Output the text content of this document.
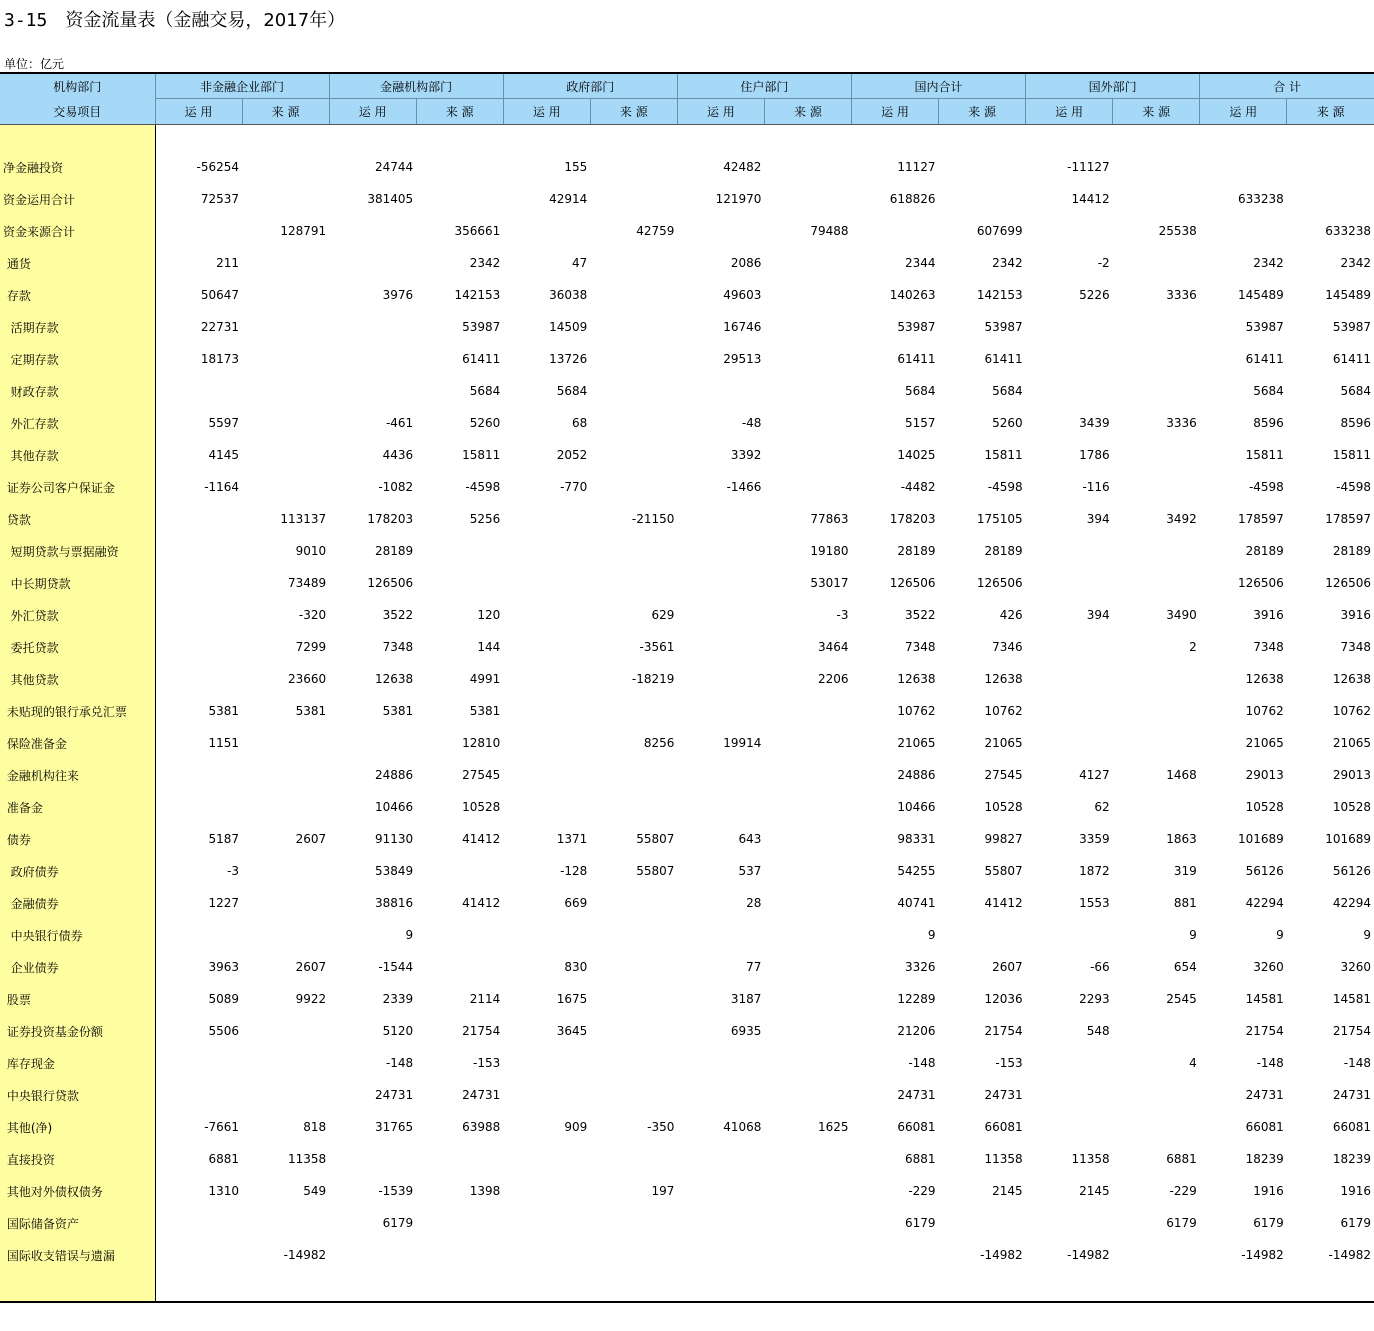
3-15 资金流量表（金融交易，2017年）
单位：亿元
机构部门	非金融企业部门		金融机构部门		政府部门		住户部门		国内合计		国外部门		合 计	
交易项目	运 用	来 源	运 用	来 源	运 用	来 源	运 用	来 源	运 用	来 源	运 用	来 源	运 用	来 源

净金融投资	-56254		24744		155		42482		11127		-11127			
资金运用合计	72537		381405		42914		121970		618826		14412		633238	
资金来源合计		128791		356661		42759		79488		607699		25538		633238
通货	211			2342	47		2086		2344	2342	-2		2342	2342
存款	50647		3976	142153	36038		49603		140263	142153	5226	3336	145489	145489
活期存款	22731			53987	14509		16746		53987	53987			53987	53987
定期存款	18173			61411	13726		29513		61411	61411			61411	61411
财政存款				5684	5684				5684	5684			5684	5684
外汇存款	5597		-461	5260	68		-48		5157	5260	3439	3336	8596	8596
其他存款	4145		4436	15811	2052		3392		14025	15811	1786		15811	15811
证券公司客户保证金	-1164		-1082	-4598	-770		-1466		-4482	-4598	-116		-4598	-4598
贷款		113137	178203	5256		-21150		77863	178203	175105	394	3492	178597	178597
短期贷款与票据融资		9010	28189					19180	28189	28189			28189	28189
中长期贷款		73489	126506					53017	126506	126506			126506	126506
外汇贷款		-320	3522	120		629		-3	3522	426	394	3490	3916	3916
委托贷款		7299	7348	144		-3561		3464	7348	7346		2	7348	7348
其他贷款		23660	12638	4991		-18219		2206	12638	12638			12638	12638
未贴现的银行承兑汇票	5381	5381	5381	5381					10762	10762			10762	10762
保险准备金	1151			12810		8256	19914		21065	21065			21065	21065
金融机构往来			24886	27545					24886	27545	4127	1468	29013	29013
准备金			10466	10528					10466	10528	62		10528	10528
债券	5187	2607	91130	41412	1371	55807	643		98331	99827	3359	1863	101689	101689
政府债券	-3		53849		-128	55807	537		54255	55807	1872	319	56126	56126
金融债券	1227		38816	41412	669		28		40741	41412	1553	881	42294	42294
中央银行债券			9						9			9	9	9
企业债券	3963	2607	-1544		830		77		3326	2607	-66	654	3260	3260
股票	5089	9922	2339	2114	1675		3187		12289	12036	2293	2545	14581	14581
证券投资基金份额	5506		5120	21754	3645		6935		21206	21754	548		21754	21754
库存现金			-148	-153					-148	-153		4	-148	-148
中央银行贷款			24731	24731					24731	24731			24731	24731
其他(净)	-7661	818	31765	63988	909	-350	41068	1625	66081	66081			66081	66081
直接投资	6881	11358							6881	11358	11358	6881	18239	18239
其他对外债权债务	1310	549	-1539	1398		197			-229	2145	2145	-229	1916	1916
国际储备资产			6179						6179			6179	6179	6179
国际收支错误与遗漏		-14982								-14982	-14982		-14982	-14982
